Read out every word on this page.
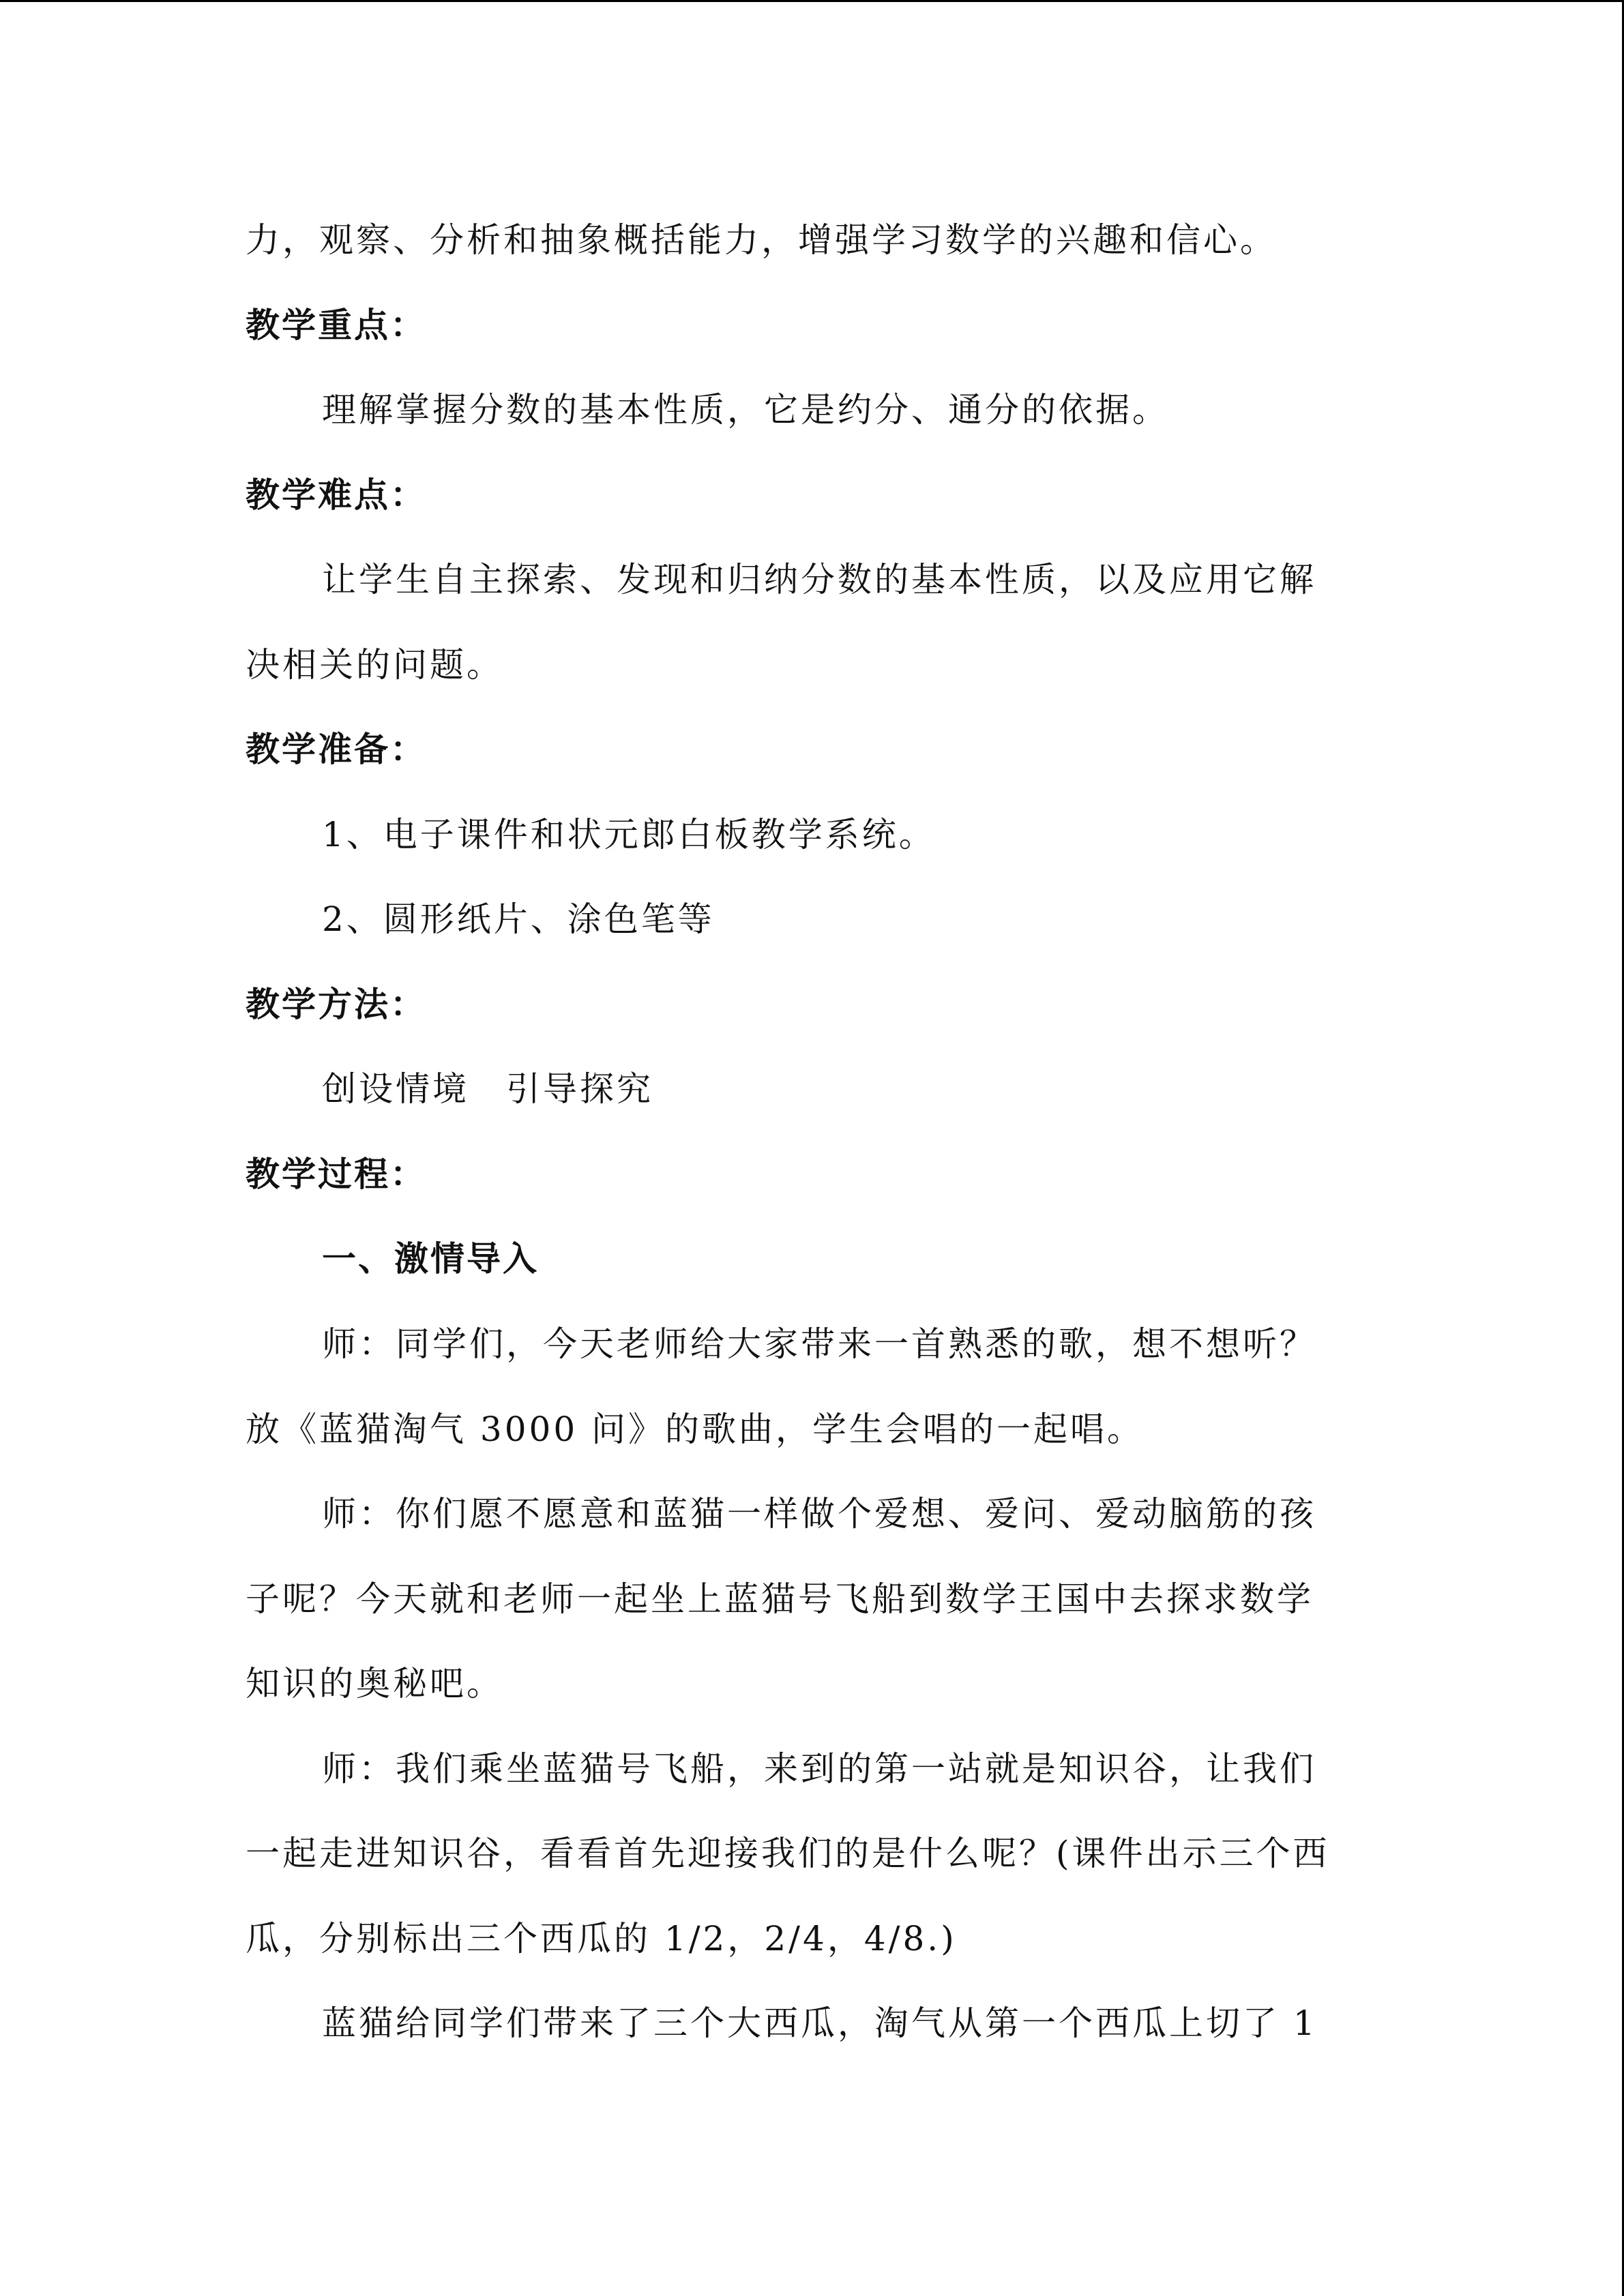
力，观察、分析和抽象概括能力，增强学习数学的兴趣和信心。
教学重点：
理解掌握分数的基本性质，它是约分、通分的依据。
教学难点：
让学生自主探索、发现和归纳分数的基本性质，以及应用它解
决相关的问题。
教学准备：
1、电子课件和状元郎白板教学系统。
2、圆形纸片、涂色笔等
教学方法：
创设情境　引导探究
教学过程：
一、激情导入
师：同学们，今天老师给大家带来一首熟悉的歌，想不想听？
放《蓝猫淘气 3000 问》的歌曲，学生会唱的一起唱。
师：你们愿不愿意和蓝猫一样做个爱想、爱问、爱动脑筋的孩
子呢？今天就和老师一起坐上蓝猫号飞船到数学王国中去探求数学
知识的奥秘吧。
师：我们乘坐蓝猫号飞船，来到的第一站就是知识谷，让我们
一起走进知识谷，看看首先迎接我们的是什么呢？(课件出示三个西
瓜，分别标出三个西瓜的 1/2，2/4，4/8.)
蓝猫给同学们带来了三个大西瓜，淘气从第一个西瓜上切了 1
